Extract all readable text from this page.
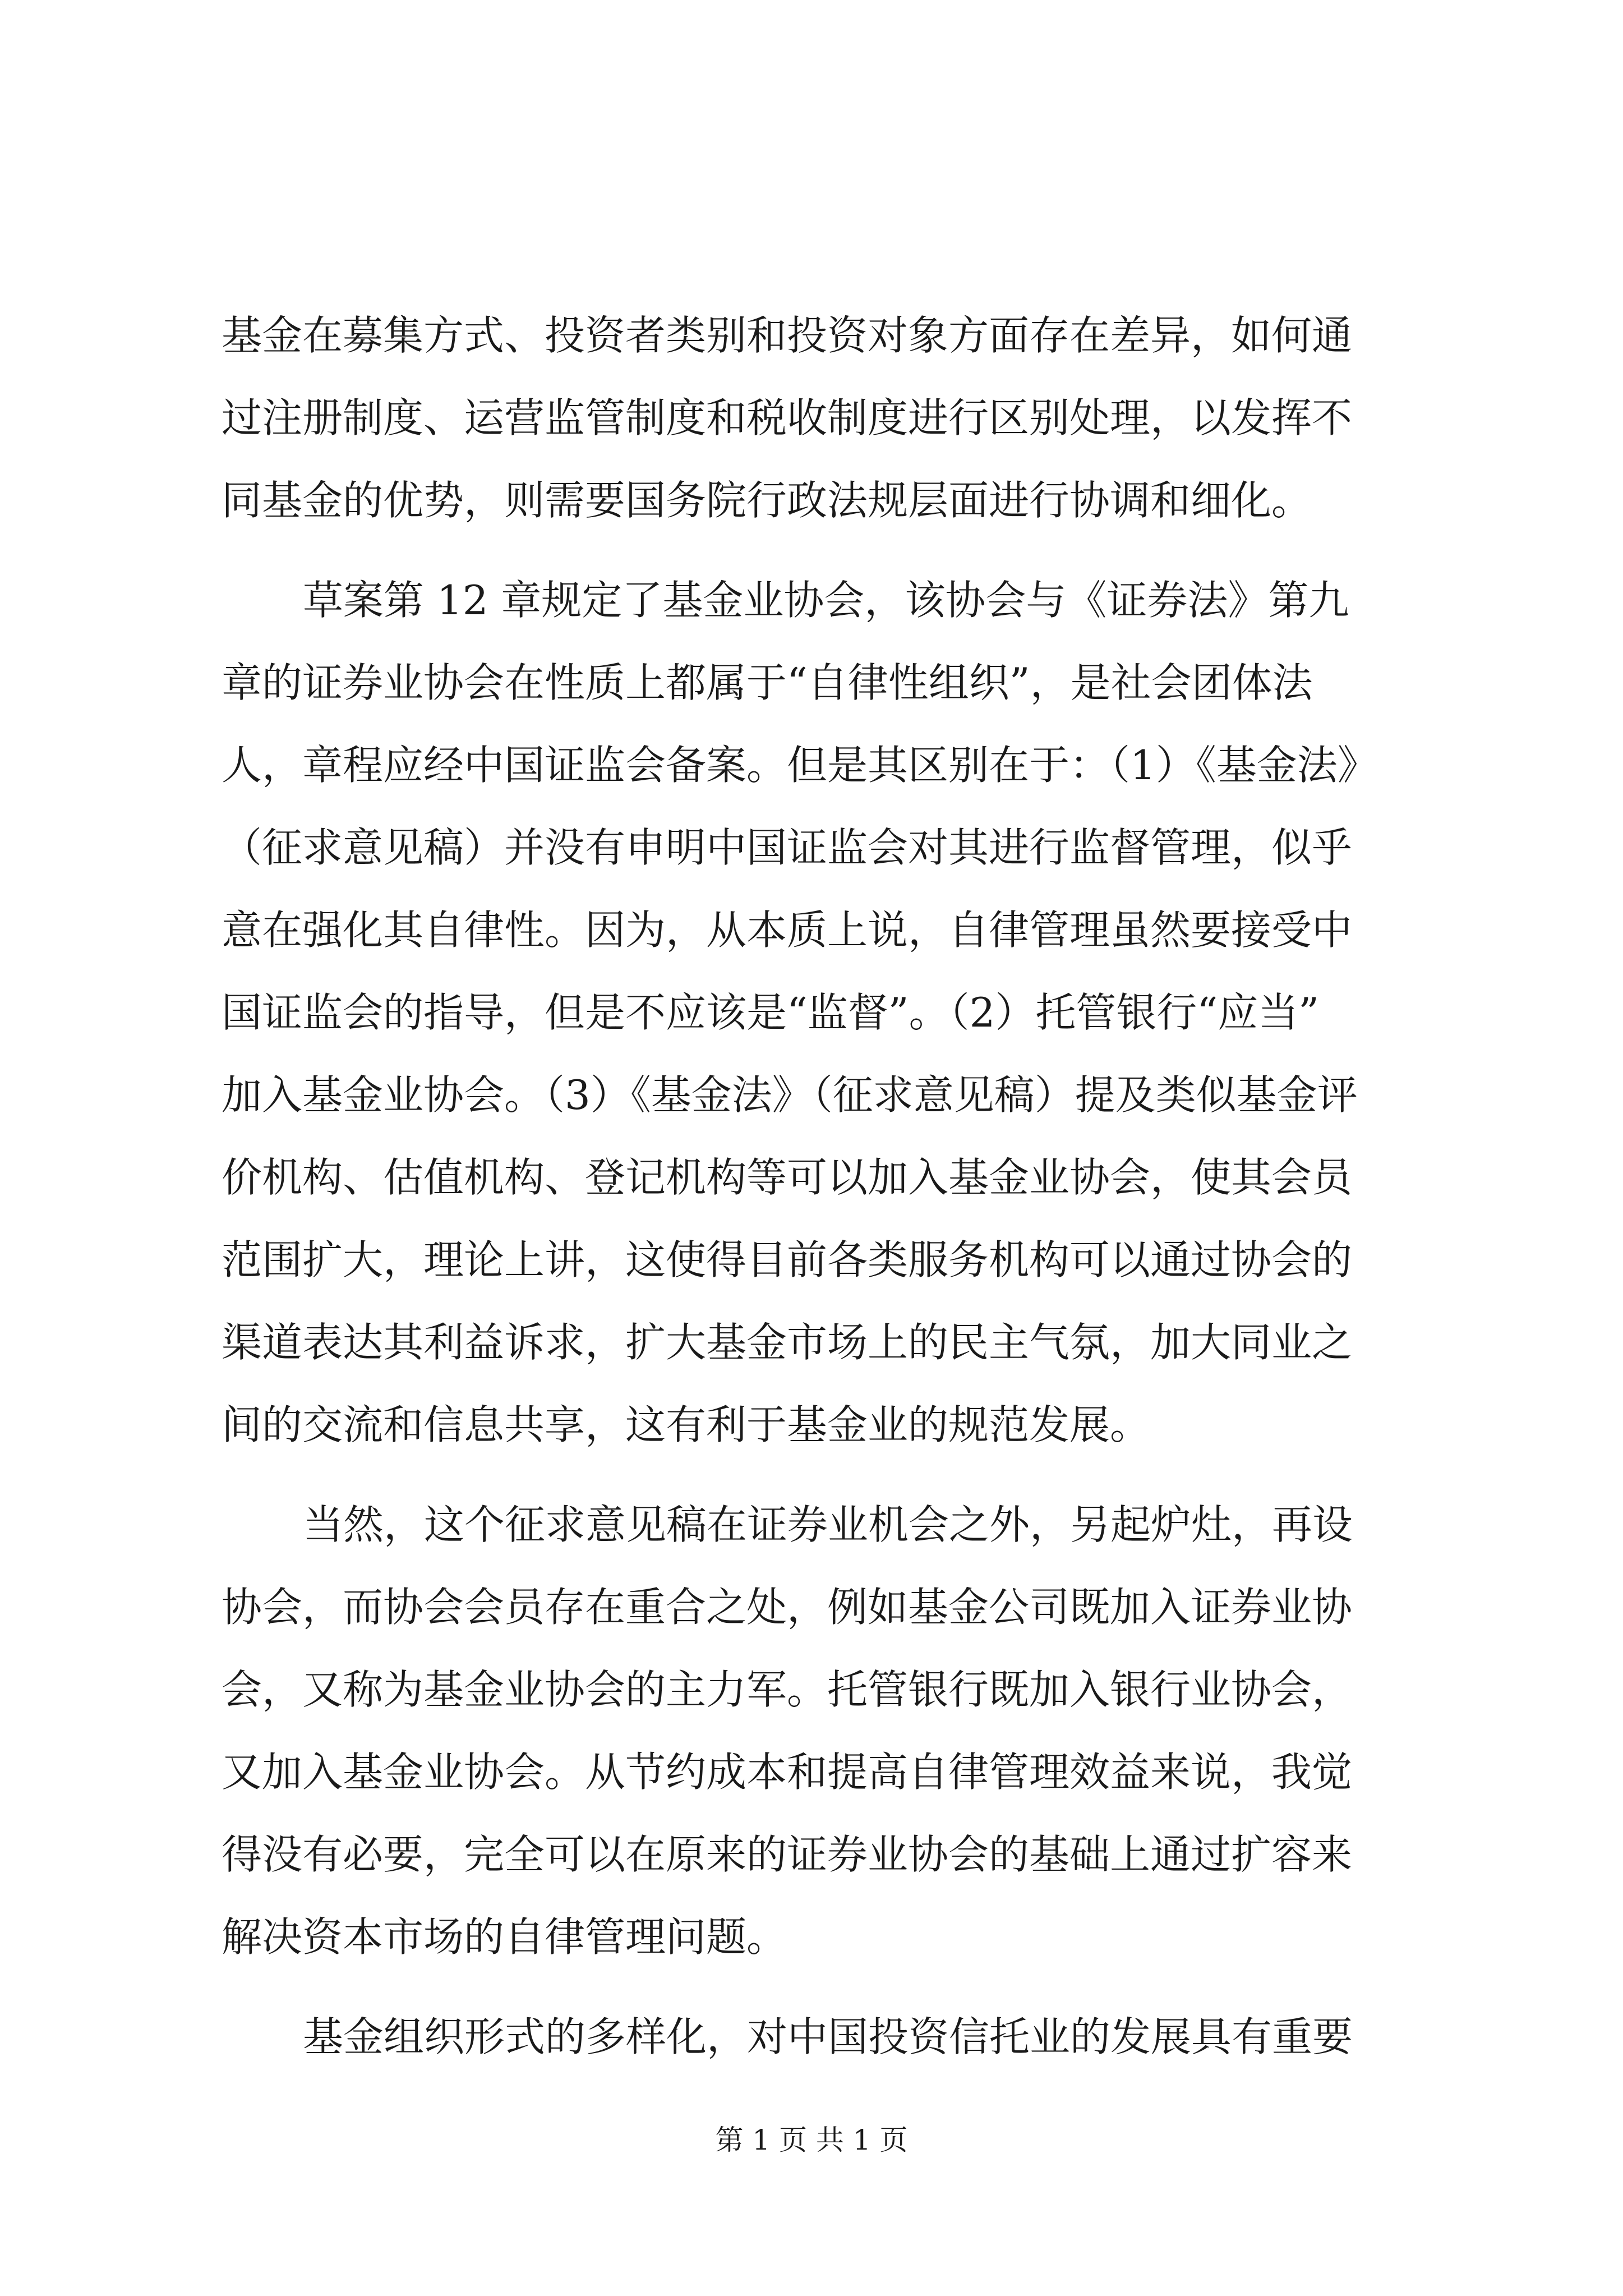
基金在募集方式、投资者类别和投资对象方面存在差异，如何通
过注册制度、运营监管制度和税收制度进行区别处理，以发挥不
同基金的优势，则需要国务院行政法规层面进行协调和细化。
草案第 12 章规定了基金业协会，该协会与《证券法》第九
章的证券业协会在性质上都属于“自律性组织”，是社会团体法
人，章程应经中国证监会备案。但是其区别在于：（1）《基金法》
（征求意见稿）并没有申明中国证监会对其进行监督管理，似乎
意在强化其自律性。因为，从本质上说，自律管理虽然要接受中
国证监会的指导，但是不应该是“监督”。（2）托管银行“应当”
加入基金业协会。（3）《基金法》（征求意见稿）提及类似基金评
价机构、估值机构、登记机构等可以加入基金业协会，使其会员
范围扩大，理论上讲，这使得目前各类服务机构可以通过协会的
渠道表达其利益诉求，扩大基金市场上的民主气氛，加大同业之
间的交流和信息共享，这有利于基金业的规范发展。
当然，这个征求意见稿在证券业机会之外，另起炉灶，再设
协会，而协会会员存在重合之处，例如基金公司既加入证券业协
会，又称为基金业协会的主力军。托管银行既加入银行业协会，
又加入基金业协会。从节约成本和提高自律管理效益来说，我觉
得没有必要，完全可以在原来的证券业协会的基础上通过扩容来
解决资本市场的自律管理问题。
基金组织形式的多样化，对中国投资信托业的发展具有重要
第 1 页 共 1 页
